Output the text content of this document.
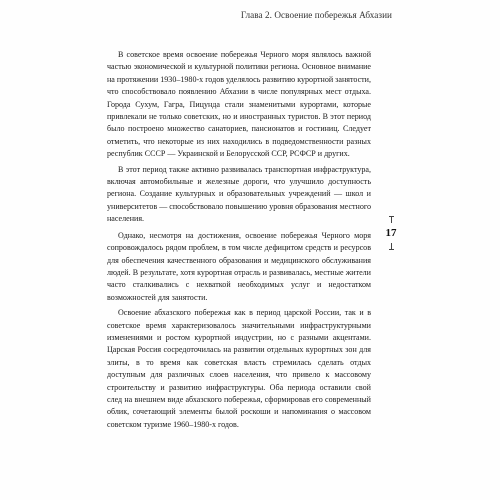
Глава 2. Освоение побережья Абхазии

В советское время освоение побережья Черного моря являлось важной частью экономической и культурной политики региона. Основное внимание на протяжении 1930–1980-х годов уделялось развитию курортной занятости, что способствовало появлению Абхазии в числе популярных мест отдыха. Города Сухум, Гагра, Пицунда стали знаменитыми курортами, которые привлекали не только советских, но и иностранных туристов. В этот период было построено множество санаториев, пансионатов и гостиниц. Следует отметить, что некоторые из них находились в подведомственности разных республик СССР — Украинской и Белорусской ССР, РСФСР и других.

В этот период также активно развивалась транспортная инфраструктура, включая автомобильные и железные дороги, что улучшило доступность региона. Создание культурных и образовательных учреждений — школ и университетов — способствовало повышению уровня образования местного населения.

Однако, несмотря на достижения, освоение побережья Черного моря сопровождалось рядом проблем, в том числе дефицитом средств и ресурсов для обеспечения качественного образования и медицинского обслуживания людей. В результате, хотя курортная отрасль и развивалась, местные жители часто сталкивались с нехваткой необходимых услуг и недостатком возможностей для занятости.

Освоение абхазского побережья как в период царской России, так и в советское время характеризовалось значительными инфраструктурными изменениями и ростом курортной индустрии, но с разными акцентами. Царская Россия сосредоточилась на развитии отдельных курортных зон для элиты, в то время как советская власть стремилась сделать отдых доступным для различных слоев населения, что привело к массовому строительству и развитию инфраструктуры. Оба периода оставили свой след на внешнем виде абхазского побережья, сформировав его современный облик, сочетающий элементы былой роскоши и напоминания о массовом советском туризме 1960–1980-х годов.

17
